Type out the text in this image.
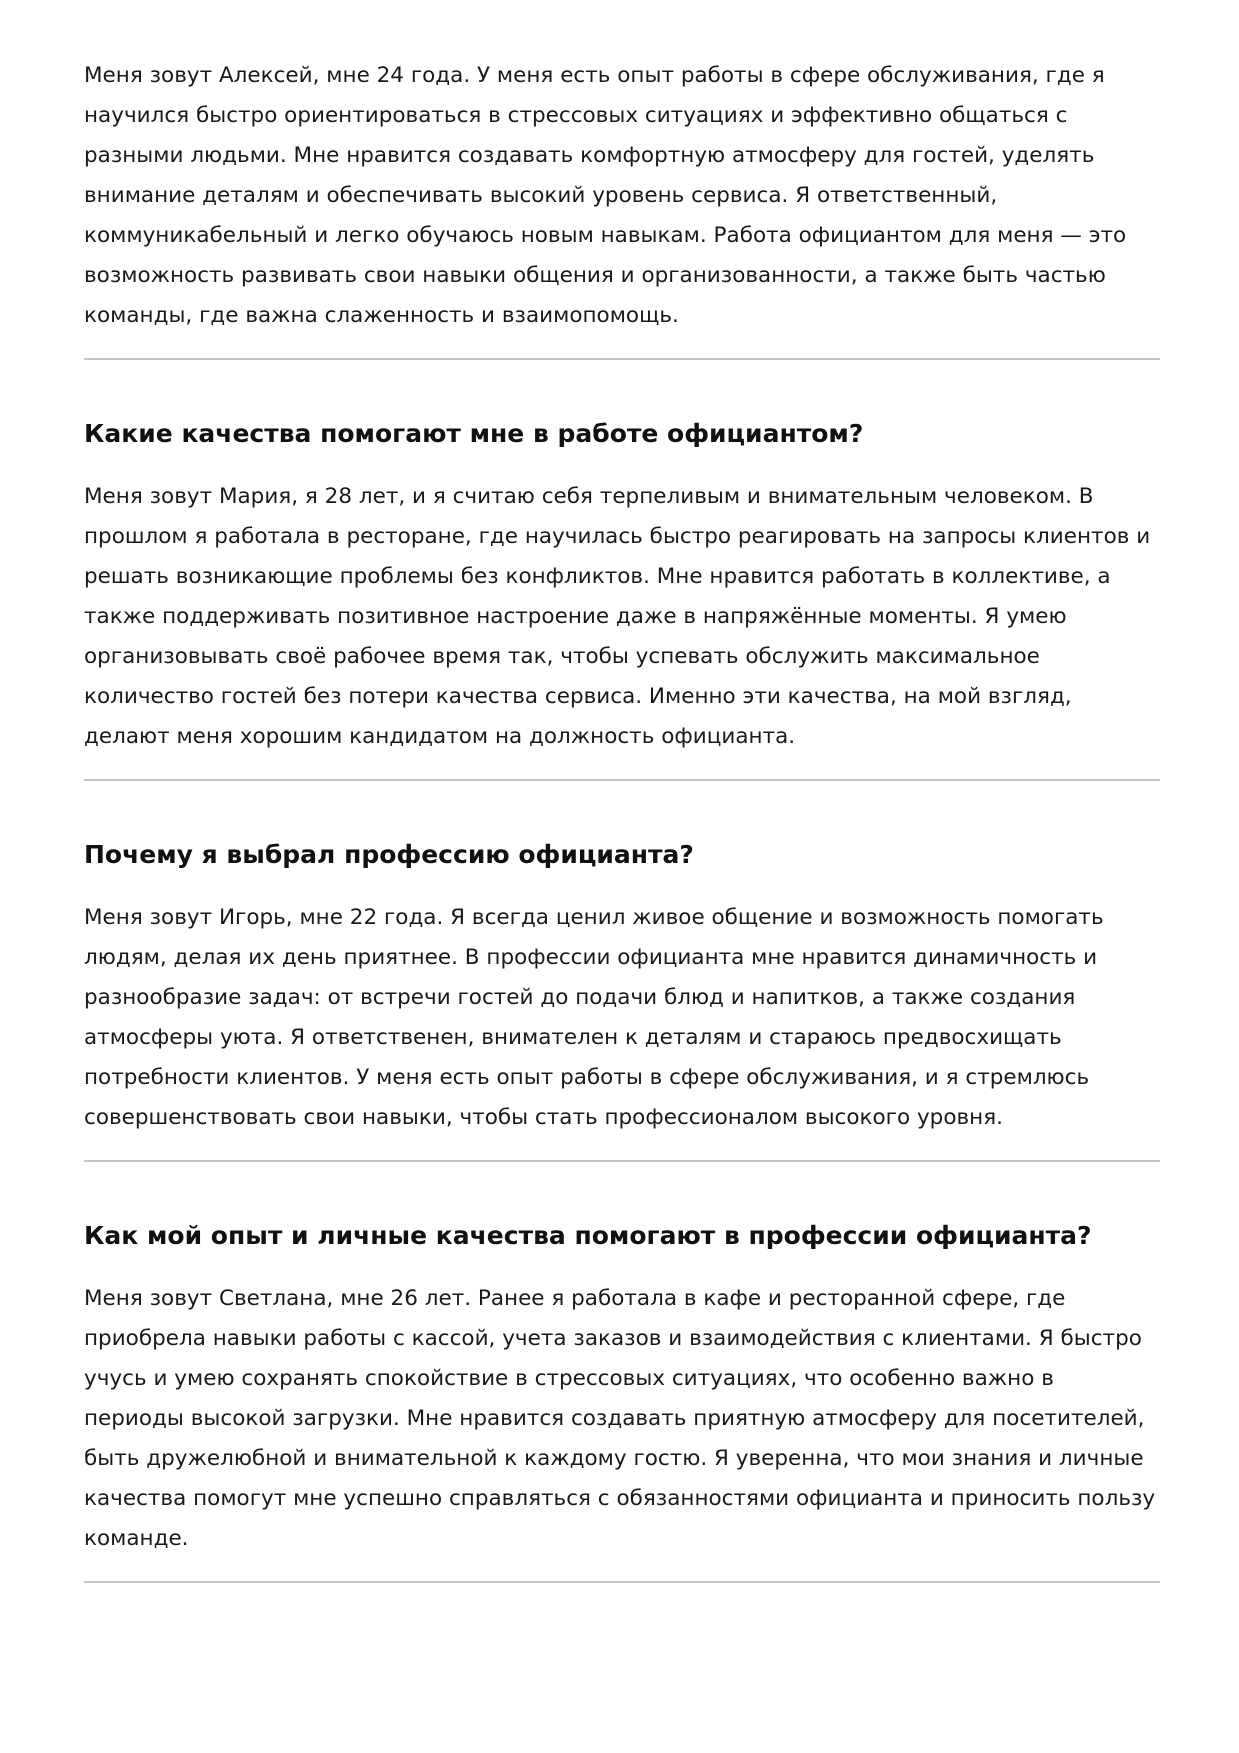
Меня зовут Алексей, мне 24 года. У меня есть опыт работы в сфере обслуживания, где я научился быстро ориентироваться в стрессовых ситуациях и эффективно общаться с разными людьми. Мне нравится создавать комфортную атмосферу для гостей, уделять внимание деталям и обеспечивать высокий уровень сервиса. Я ответственный, коммуникабельный и легко обучаюсь новым навыкам. Работа официантом для меня — это возможность развивать свои навыки общения и организованности, а также быть частью команды, где важна слаженность и взаимопомощь.

Какие качества помогают мне в работе официантом?

Меня зовут Мария, я 28 лет, и я считаю себя терпеливым и внимательным человеком. В прошлом я работала в ресторане, где научилась быстро реагировать на запросы клиентов и решать возникающие проблемы без конфликтов. Мне нравится работать в коллективе, а также поддерживать позитивное настроение даже в напряжённые моменты. Я умею организовывать своё рабочее время так, чтобы успевать обслужить максимальное количество гостей без потери качества сервиса. Именно эти качества, на мой взгляд, делают меня хорошим кандидатом на должность официанта.

Почему я выбрал профессию официанта?

Меня зовут Игорь, мне 22 года. Я всегда ценил живое общение и возможность помогать людям, делая их день приятнее. В профессии официанта мне нравится динамичность и разнообразие задач: от встречи гостей до подачи блюд и напитков, а также создания атмосферы уюта. Я ответственен, внимателен к деталям и стараюсь предвосхищать потребности клиентов. У меня есть опыт работы в сфере обслуживания, и я стремлюсь совершенствовать свои навыки, чтобы стать профессионалом высокого уровня.

Как мой опыт и личные качества помогают в профессии официанта?

Меня зовут Светлана, мне 26 лет. Ранее я работала в кафе и ресторанной сфере, где приобрела навыки работы с кассой, учета заказов и взаимодействия с клиентами. Я быстро учусь и умею сохранять спокойствие в стрессовых ситуациях, что особенно важно в периоды высокой загрузки. Мне нравится создавать приятную атмосферу для посетителей, быть дружелюбной и внимательной к каждому гостю. Я уверенна, что мои знания и личные качества помогут мне успешно справляться с обязанностями официанта и приносить пользу команде.
